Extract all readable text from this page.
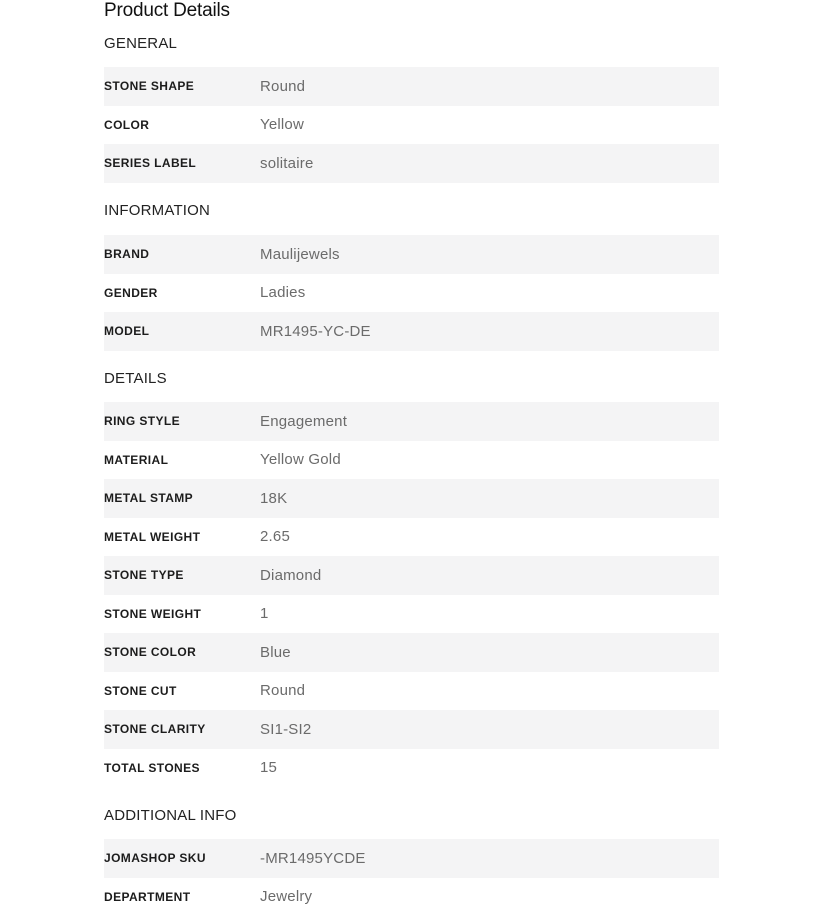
Product Details
GENERAL
STONE SHAPE	Round
COLOR	Yellow
SERIES LABEL	solitaire
INFORMATION
BRAND	Maulijewels
GENDER	Ladies
MODEL	MR1495-YC-DE
DETAILS
RING STYLE	Engagement
MATERIAL	Yellow Gold
METAL STAMP	18K
METAL WEIGHT	2.65
STONE TYPE	Diamond
STONE WEIGHT	1
STONE COLOR	Blue
STONE CUT	Round
STONE CLARITY	SI1-SI2
TOTAL STONES	15
ADDITIONAL INFO
JOMASHOP SKU	-MR1495YCDE
DEPARTMENT	Jewelry
